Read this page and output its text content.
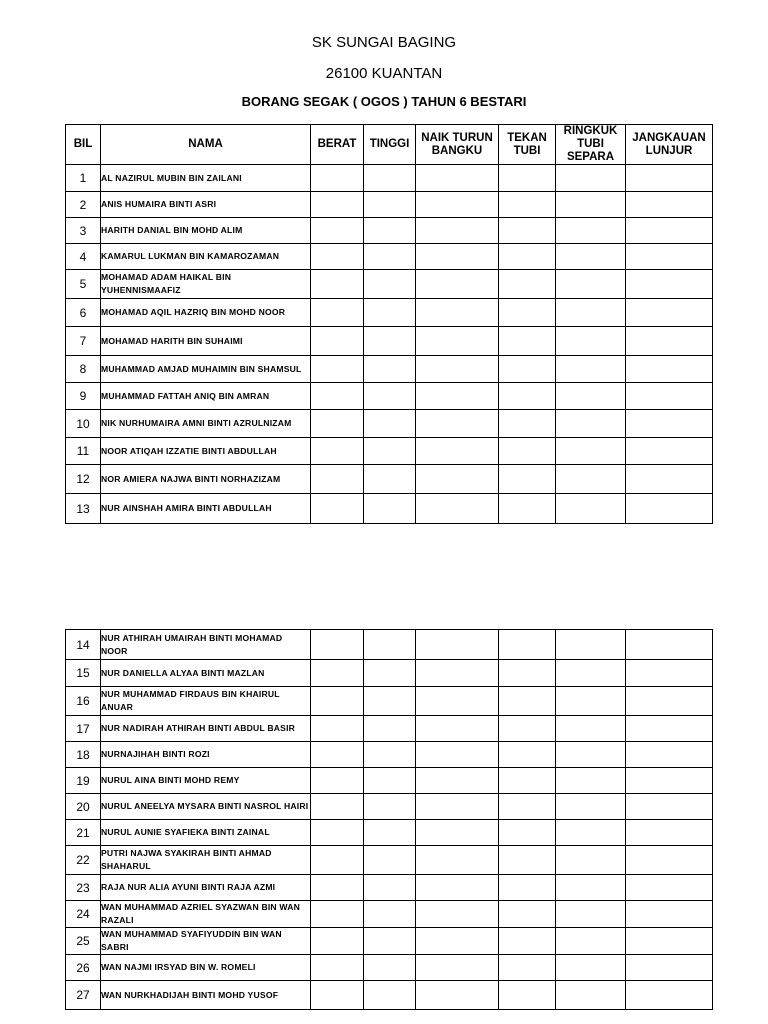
SK SUNGAI BAGING
26100 KUANTAN
BORANG SEGAK ( OGOS ) TAHUN 6 BESTARI
BIL	NAMA	BERAT	TINGGI	NAIK TURUN BANGKU	TEKAN TUBI	RINGKUK TUBI SEPARA	JANGKAUAN LUNJUR
1	AL NAZIRUL MUBIN BIN ZAILANI						
2	ANIS HUMAIRA BINTI ASRI						
3	HARITH DANIAL BIN MOHD ALIM						
4	KAMARUL LUKMAN BIN KAMAROZAMAN						
5	MOHAMAD ADAM HAIKAL BIN YUHENNISMAAFIZ						
6	MOHAMAD AQIL HAZRIQ BIN MOHD NOOR						
7	MOHAMAD HARITH BIN SUHAIMI						
8	MUHAMMAD AMJAD MUHAIMIN BIN SHAMSUL						
9	MUHAMMAD FATTAH ANIQ BIN AMRAN						
10	NIK NURHUMAIRA AMNI BINTI AZRULNIZAM						
11	NOOR ATIQAH IZZATIE BINTI ABDULLAH						
12	NOR AMIERA NAJWA BINTI NORHAZIZAM						
13	NUR AINSHAH AMIRA BINTI ABDULLAH						
14	NUR ATHIRAH UMAIRAH BINTI MOHAMAD NOOR						
15	NUR DANIELLA ALYAA BINTI MAZLAN						
16	NUR MUHAMMAD FIRDAUS BIN KHAIRUL ANUAR						
17	NUR NADIRAH ATHIRAH BINTI ABDUL BASIR						
18	NURNAJIHAH BINTI ROZI						
19	NURUL AINA BINTI MOHD REMY						
20	NURUL ANEELYA MYSARA BINTI NASROL HAIRI						
21	NURUL AUNIE SYAFIEKA BINTI ZAINAL						
22	PUTRI NAJWA SYAKIRAH BINTI AHMAD SHAHARUL						
23	RAJA NUR ALIA AYUNI BINTI RAJA AZMI						
24	WAN MUHAMMAD AZRIEL SYAZWAN BIN WAN RAZALI						
25	WAN MUHAMMAD SYAFIYUDDIN BIN WAN SABRI						
26	WAN NAJMI IRSYAD BIN W. ROMELI						
27	WAN NURKHADIJAH BINTI MOHD YUSOF						
